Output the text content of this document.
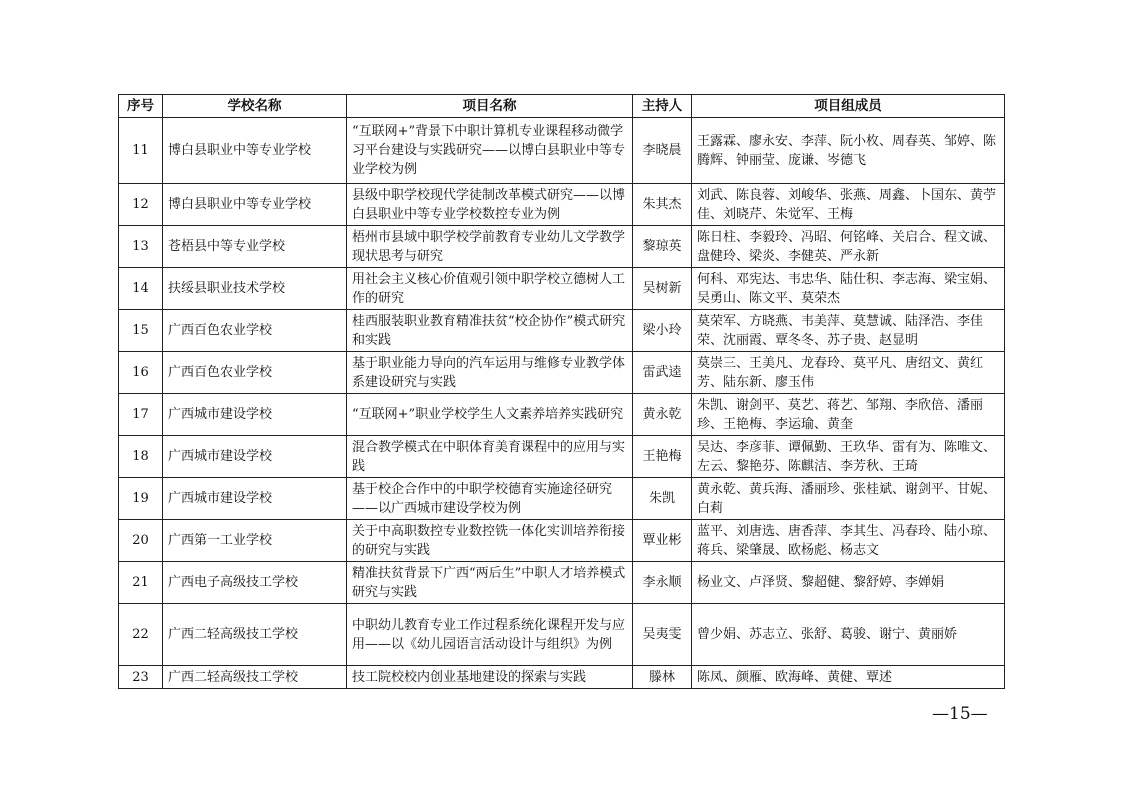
序号	学校名称	项目名称	主持人	项目组成员
11	博白县职业中等专业学校	“互联网+”背景下中职计算机专业课程移动微学习平台建设与实践研究——以博白县职业中等专业学校为例	李晓晨	王露霖、廖永安、李萍、阮小枚、周春英、邹婷、陈腾辉、钟丽莹、庞谦、岑德飞
12	博白县职业中等专业学校	县级中职学校现代学徒制改革模式研究——以博白县职业中等专业学校数控专业为例	朱其杰	刘武、陈良蓉、刘峻华、张燕、周鑫、卜国东、黄苧佳、刘晓芹、朱觉军、王梅
13	苍梧县中等专业学校	梧州市县域中职学校学前教育专业幼儿文学教学现状思考与研究	黎琼英	陈日柱、李毅玲、冯昭、何铭峰、关启合、程文诚、盘健玲、梁炎、李健英、严永新
14	扶绥县职业技术学校	用社会主义核心价值观引领中职学校立德树人工作的研究	吴树新	何科、邓宪达、韦忠华、陆仕积、李志海、梁宝娟、吴勇山、陈文平、莫荣杰
15	广西百色农业学校	桂西服装职业教育精准扶贫“校企协作”模式研究和实践	梁小玲	莫荣军、方晓燕、韦美萍、莫慧诚、陆泽浩、李佳荣、沈丽霞、覃冬冬、苏子贵、赵显明
16	广西百色农业学校	基于职业能力导向的汽车运用与维修专业教学体系建设研究与实践	雷武逵	莫崇三、王美凡、龙春玲、莫平凡、唐绍文、黄红芳、陆东新、廖玉伟
17	广西城市建设学校	“互联网+”职业学校学生人文素养培养实践研究	黄永乾	朱凯、谢剑平、莫艺、蒋艺、邹翔、李欣倍、潘丽珍、王艳梅、李运瑜、黄奎
18	广西城市建设学校	混合教学模式在中职体育美育课程中的应用与实践	王艳梅	吴达、李彦菲、谭佩勤、王玖华、雷有为、陈唯文、左云、黎艳芬、陈麒洁、李芳秋、王琦
19	广西城市建设学校	基于校企合作中的中职学校德育实施途径研究——以广西城市建设学校为例	朱凯	黄永乾、黄兵海、潘丽珍、张桂斌、谢剑平、甘妮、白莉
20	广西第一工业学校	关于中高职数控专业数控铣一体化实训培养衔接的研究与实践	覃业彬	蓝平、刘唐选、唐香萍、李其生、冯春玲、陆小琼、蒋兵、梁肇晟、欧杨彪、杨志文
21	广西电子高级技工学校	精准扶贫背景下广西“两后生”中职人才培养模式研究与实践	李永顺	杨业文、卢泽贤、黎超健、黎舒婷、李婵娟
22	广西二轻高级技工学校	中职幼儿教育专业工作过程系统化课程开发与应用——以《幼儿园语言活动设计与组织》为例	吴夷雯	曾少娟、苏志立、张舒、葛骏、谢宁、黄丽娇
23	广西二轻高级技工学校	技工院校校内创业基地建设的探索与实践	滕林	陈凤、颜雁、欧海峰、黄健、覃述
—15—
